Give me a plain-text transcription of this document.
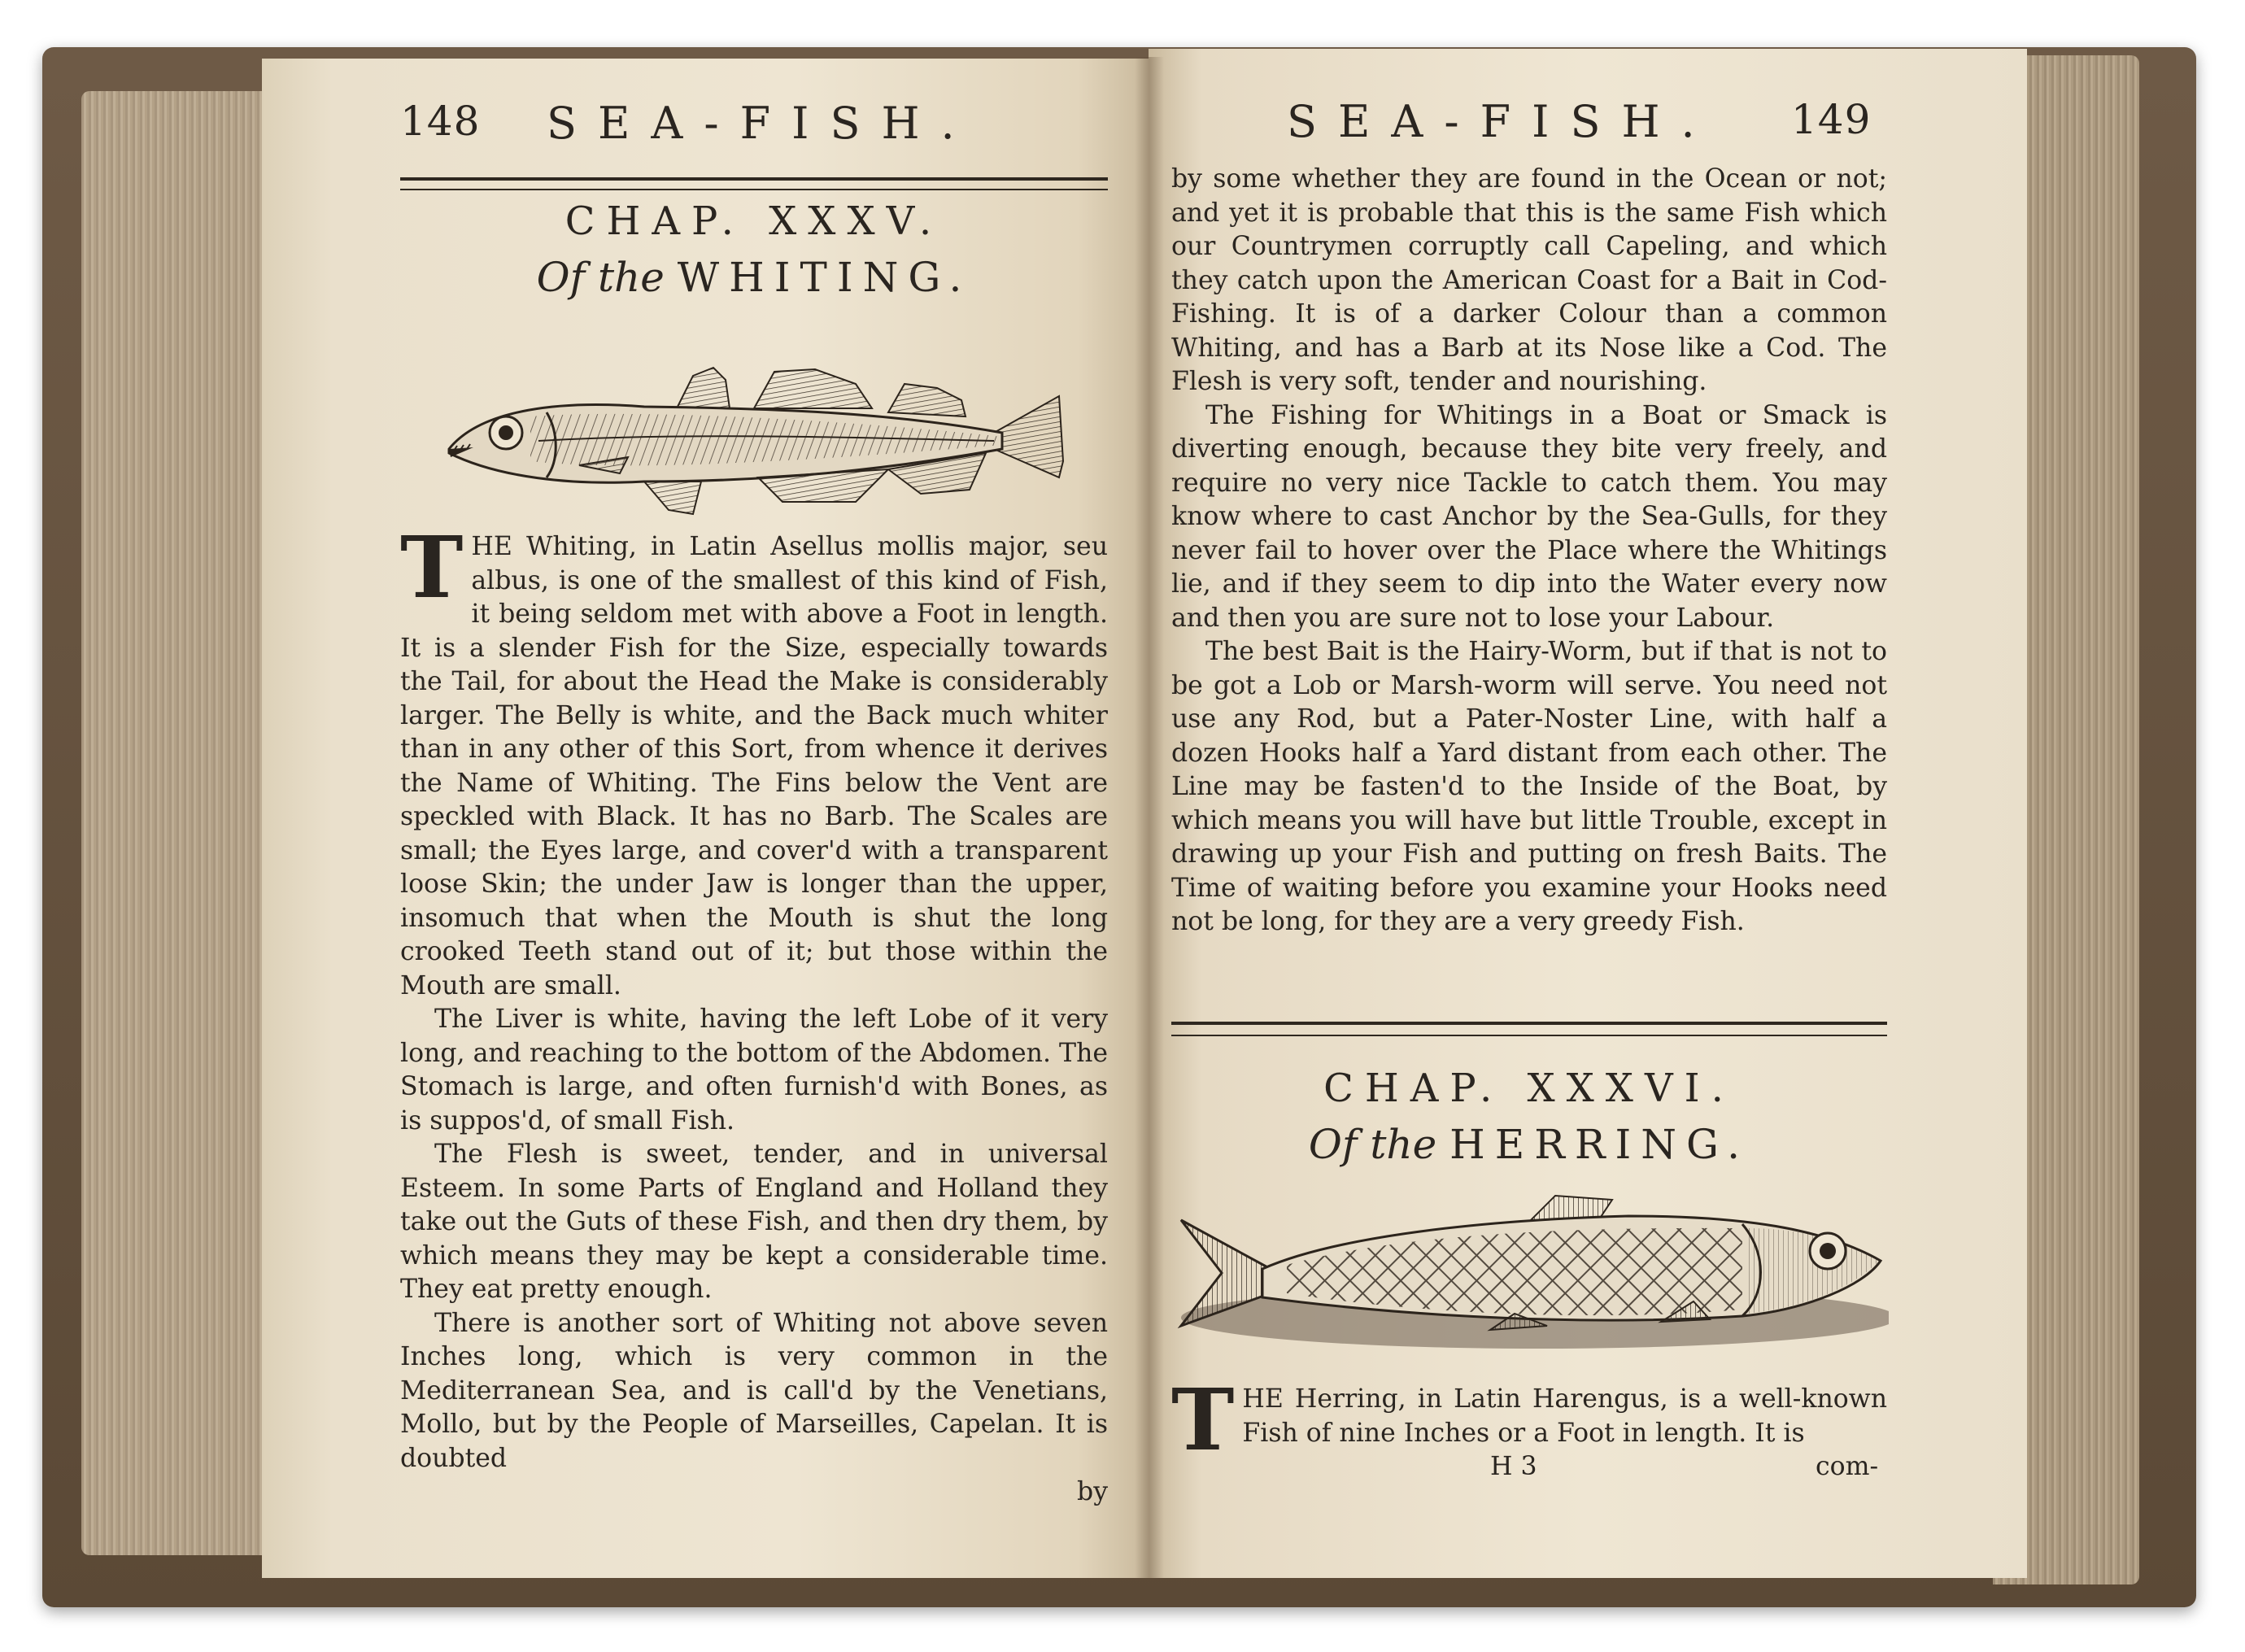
148 SEA-FISH.
CHAP. XXXV.
Of the WHITING.

THE Whiting, in Latin Asellus mollis major, seu albus, is one of the smallest of this kind of Fish, it being seldom met with above a Foot in length. It is a slender Fish for the Size, especially towards the Tail, for about the Head the Make is considerably larger. The Belly is white, and the Back much whiter than in any other of this Sort, from whence it derives the Name of Whiting. The Fins below the Vent are speckled with Black. It has no Barb. The Scales are small; the Eyes large, and cover'd with a transparent loose Skin; the under Jaw is longer than the upper, insomuch that when the Mouth is shut the long crooked Teeth stand out of it; but those within the Mouth are small.

The Liver is white, having the left Lobe of it very long, and reaching to the bottom of the Abdomen. The Stomach is large, and often furnish'd with Bones, as is suppos'd, of small Fish.

The Flesh is sweet, tender, and in universal Esteem. In some Parts of England and Holland they take out the Guts of these Fish, and then dry them, by which means they may be kept a considerable time. They eat pretty enough.

There is another sort of Whiting not above seven Inches long, which is very common in the Mediterranean Sea, and is call'd by the Venetians, Mollo, but by the People of Marseilles, Capelan. It is doubted

by

SEA-FISH. 149

by some whether they are found in the Ocean or not; and yet it is probable that this is the same Fish which our Countrymen corruptly call Capeling, and which they catch upon the American Coast for a Bait in Cod-Fishing. It is of a darker Colour than a common Whiting, and has a Barb at its Nose like a Cod. The Flesh is very soft, tender and nourishing.

The Fishing for Whitings in a Boat or Smack is diverting enough, because they bite very freely, and require no very nice Tackle to catch them. You may know where to cast Anchor by the Sea-Gulls, for they never fail to hover over the Place where the Whitings lie, and if they seem to dip into the Water every now and then you are sure not to lose your Labour.

The best Bait is the Hairy-Worm, but if that is not to be got a Lob or Marsh-worm will serve. You need not use any Rod, but a Pater-Noster Line, with half a dozen Hooks half a Yard distant from each other. The Line may be fasten'd to the Inside of the Boat, by which means you will have but little Trouble, except in drawing up your Fish and putting on fresh Baits. The Time of waiting before you examine your Hooks need not be long, for they are a very greedy Fish.

CHAP. XXXVI.
Of the HERRING.

THE Herring, in Latin Harengus, is a well-known Fish of nine Inches or a Foot in length. It is

H 3	com-
